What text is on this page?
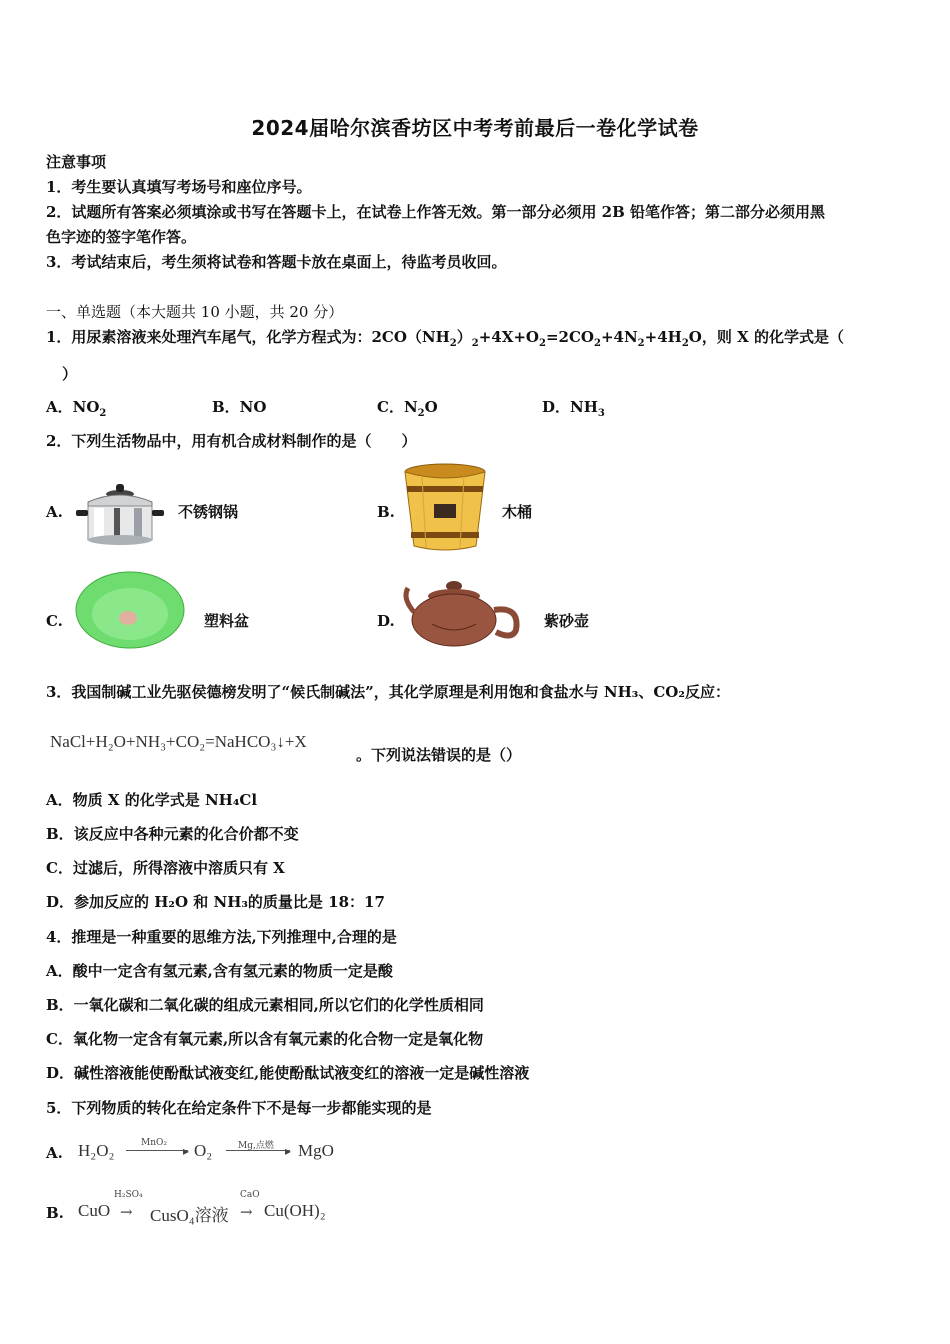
2024届哈尔滨香坊区中考考前最后一卷化学试卷
注意事项
1．考生要认真填写考场号和座位序号。
2．试题所有答案必须填涂或书写在答题卡上，在试卷上作答无效。第一部分必须用 2B 铅笔作答；第二部分必须用黑
色字迹的签字笔作答。
3．考试结束后，考生须将试卷和答题卡放在桌面上，待监考员收回。
一、单选题（本大题共 10 小题，共 20 分）
1．用尿素溶液来处理汽车尾气，化学方程式为：$2CO(NH_2)_2+4X+O_2=2CO_2+4N_2+4H_2O$，则 X 的化学式是（
）
A．$NO_2$	B．NO	C．$N_2O$	D．$NH_3$
2．下列生活物品中，用有机合成材料制作的是（　　）
A.	不锈钢锅	B.	木桶
C.	塑料盆	D.	紫砂壶
3．我国制碱工业先驱侯德榜发明了“候氏制碱法”，其化学原理是利用饱和食盐水与 NH₃、CO₂反应：
NaCl+H₂O+NH₃+CO₂=NaHCO₃↓+X
。下列说法错误的是（）
A．物质 X 的化学式是 NH₄Cl
B．该反应中各种元素的化合价都不变
C．过滤后，所得溶液中溶质只有 X
D．参加反应的 H₂O 和 NH₃的质量比是 18：17
4．推理是一种重要的思维方法,下列推理中,合理的是
A．酸中一定含有氢元素,含有氢元素的物质一定是酸
B．一氧化碳和二氧化碳的组成元素相同,所以它们的化学性质相同
C．氧化物一定含有氧元素,所以含有氧元素的化合物一定是氧化物
D．碱性溶液能使酚酞试液变红,能使酚酞试液变红的溶液一定是碱性溶液
5．下列物质的转化在给定条件下不是每一步都能实现的是
A. H₂O₂	▸
MnO₂ O₂	▸
Mg,点燃 MgO
B. CuO →
H₂SO₄
CusO₄溶液 →
CaO
Cu(OH)₂
